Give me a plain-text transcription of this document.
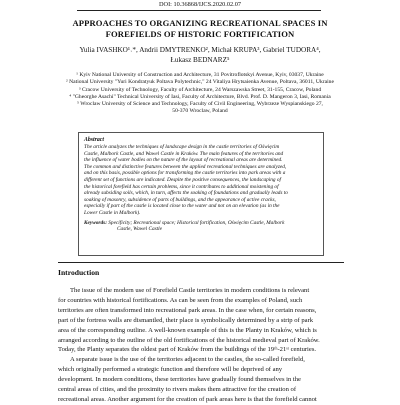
DOI: 10.36868/IJCS.2020.02.07
APPROACHES TO ORGANIZING RECREATIONAL SPACES IN
FOREFIELDS OF HISTORIC FORTIFICATION
Yulia IVASHKO¹˒*, Andrii DMYTRENKO², Michał KRUPA³, Gabriel TUDORA⁴,
Łukasz BEDNARZ⁵
¹ Kyiv National University of Construction and Architecture, 31 Povitroflotskyi Avenue, Kyiv, 03037, Ukraine
² National University "Yuri Kondratyuk Poltava Polytechnic," 24 Vitaliya Hrytsaienka Avenue, Poltava, 36011, Ukraine
³ Cracow University of Technology, Faculty of Architecture, 24 Warszawska Street, 31-155, Cracow, Poland
⁴ "Gheorghe Asachi" Technical University of Iasi, Faculty of Architecture, Blvd. Prof. D. Mangeron 3, Iasi, Romania
⁵ Wroclaw University of Science and Technology, Faculty of Civil Engineering, Wybrzeze Wyspianskiego 27,
50-370 Wroclaw, Poland
Abstract
The article analyzes the techniques of landscape design in the castle territories of Oświęcim
Castle, Malbork Castle, and Wawel Castle in Kraków. The main features of the territories and
the influence of water bodies on the nature of the layout of recreational areas are determined.
The common and distinctive features between the applied recreational techniques are analyzed,
and on this basis, possible options for transforming the castle territories into park areas with a
different set of functions are indicated. Despite the positive consequences, the landscaping of
the historical forefield has certain problems, since it contributes to additional moistening of
already subsiding soils, which, in turn, affects the soaking of foundations and gradually leads to
soaking of masonry, subsidence of parts of buildings, and the appearance of active cracks,
especially if part of the castle is located close to the water and not on an elevation (as in the
Lower Castle in Malbork).
Keywords: Specificity; Recreational space; Historical fortification, Oświęcim Castle, Malbork
Castle, Wawel Castle
Introduction
The issue of the modern use of Forefield Castle territories in modern conditions is relevant
for countries with historical fortifications. As can be seen from the examples of Poland, such
territories are often transformed into recreational park areas. In the case when, for certain reasons,
part of the fortress walls are dismantled, their place is symbolically determined by a strip of park
area of the corresponding outline. A well-known example of this is the Planty in Kraków, which is
arranged according to the outline of the old fortifications of the historical medieval part of Kraków.
Today, the Planty separates the oldest part of Kraków from the buildings of the 19ᵗʰ-21ˢᵗ centuries.
A separate issue is the use of the territories adjacent to the castles, the so-called forefield,
which originally performed a strategic function and therefore will be deprived of any
development. In modern conditions, these territories have gradually found themselves in the
central areas of cities, and the proximity to rivers makes them attractive for the creation of
recreational areas. Another argument for the creation of park areas here is that the forefield cannot
